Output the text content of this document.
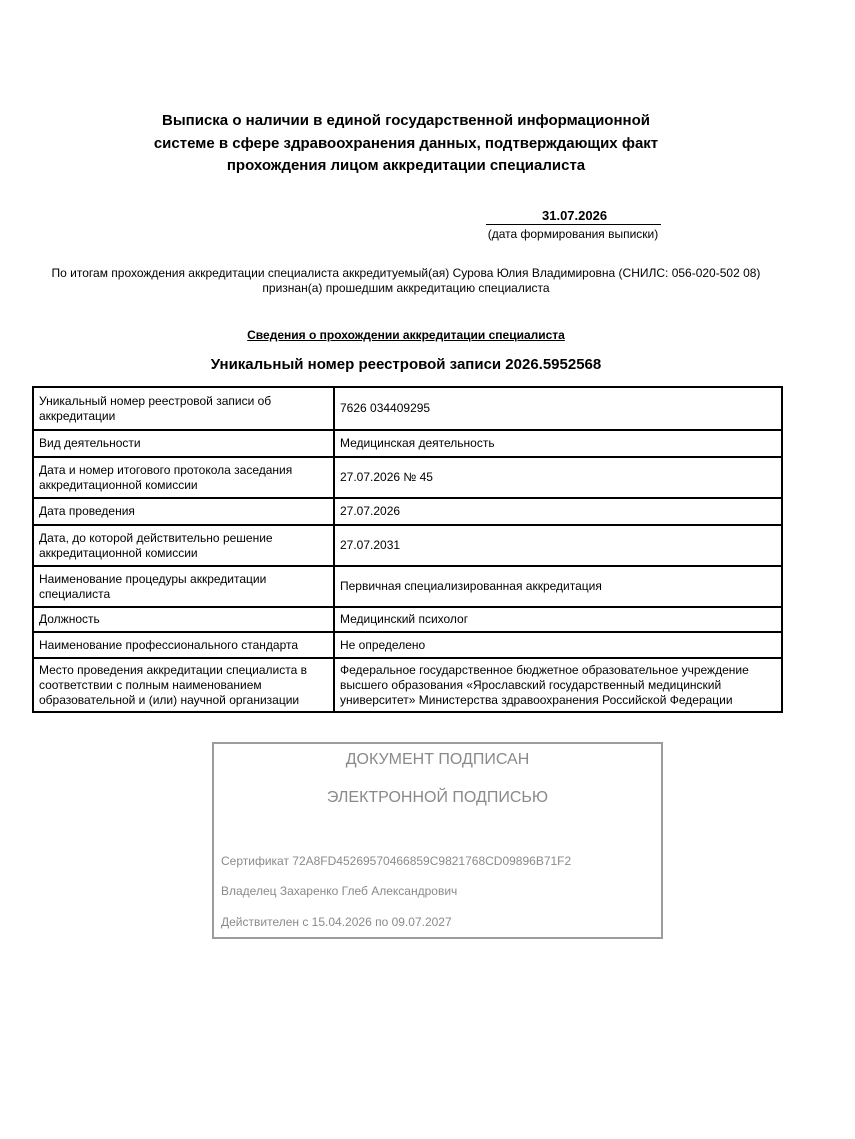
Выписка о наличии в единой государственной информационной
системе в сфере здравоохранения данных, подтверждающих факт
прохождения лицом аккредитации специалиста
31.07.2026
(дата формирования выписки)
По итогам прохождения аккредитации специалиста аккредитуемый(ая) Сурова Юлия Владимировна (СНИЛС: 056-020-502 08)
признан(а) прошедшим аккредитацию специалиста
Сведения о прохождении аккредитации специалиста
Уникальный номер реестровой записи 2026.5952568
Уникальный номер реестровой записи об аккредитации	7626 034409295
Вид деятельности	Медицинская деятельность
Дата и номер итогового протокола заседания аккредитационной комиссии	27.07.2026 № 45
Дата проведения	27.07.2026
Дата, до которой действительно решение аккредитационной комиссии	27.07.2031
Наименование процедуры аккредитации специалиста	Первичная специализированная аккредитация
Должность	Медицинский психолог
Наименование профессионального стандарта	Не определено
Место проведения аккредитации специалиста в соответствии с полным наименованием образовательной и (или) научной организации	Федеральное государственное бюджетное образовательное учреждение высшего образования «Ярославский государственный медицинский университет» Министерства здравоохранения Российской Федерации
ДОКУМЕНТ ПОДПИСАН
ЭЛЕКТРОННОЙ ПОДПИСЬЮ
Сертификат 72A8FD45269570466859C9821768CD09896B71F2
Владелец Захаренко Глеб Александрович
Действителен с 15.04.2026 по 09.07.2027
